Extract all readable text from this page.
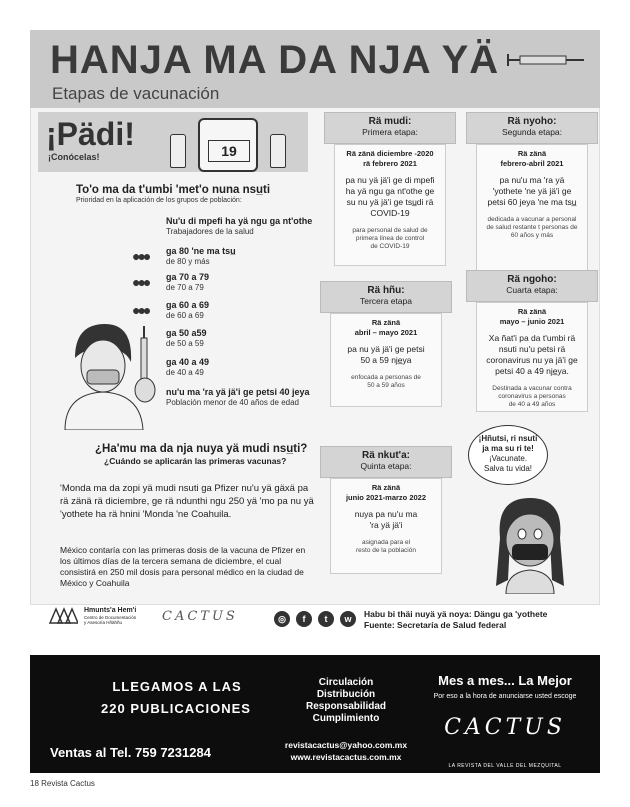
HANJA MA DA NJA YÄ
Etapas de vacunación
¡Pädi!
¡Conócelas!	19
To'o ma da t'umbi 'met'o nuna nsu̲ti
Prioridad en la aplicación de los grupos de población:
Nu'u di mpefi ha yä ngu ga nt'othe
Trabajadores de la salud
●●● ga 80 'ne ma tsu̲
de 80 y más
●●● ga 70 a 79
de 70 a 79
●●● ga 60 a 69
de 60 a 69
ga 50 a59
de 50 a 59
ga 40 a 49
de 40 a 49
nu'u ma 'ra yä jä'i ge petsi 40 jeya
Población menor de 40 años de edad
Rä mudi:
Primera etapa:
Rä zänä diciembre -2020
rä febrero 2021
pa nu yä jä'i ge di mpefi
ha yä ngu ga nt'othe ge
su nu yä jä'i ge tsu̲di rä
COVID-19
para personal de salud de
primera línea de control
de COVID-19
Rä nyoho:
Segunda etapa:
Rä zänä
febrero-abril 2021
pa nu'u ma 'ra yä
'yothete 'ne yä jä'i ge
petsi 60 jeya 'ne ma tsu̲
dedicada a vacunar a personal
de salud restante t personas de
60 años y más
Rä hñu:
Tercera etapa
Rä zänä
abril – mayo 2021
pa nu yä jä'i ge petsi
50 a 59 nje̲ya
enfocada a personas de
50 a 59 años
Rä ngoho:
Cuarta etapa:
Rä zänä
mayo – junio 2021
Xa ñat'i pa da t'umbi rä
nsuti nu'u petsi rä
coronavirus nu ya jä'i ge
petsi 40 a 49 nje̲ya.
Destinada a vacunar contra
coronavirus a personas
de 40 a 49 años
Rä nkut'a:
Quinta etapa:
Rä zänä
junio 2021-marzo 2022
nuya pa nu'u ma
'ra yä jä'i
asignada para el
resto de la población
¿Ha'mu ma da nja nuya yä mudi nsu̲ti?
¿Cuándo se aplicarán las primeras vacunas?
'Monda ma da zopi yä mudi nsuti ga Pfizer nu'u yä gäxä pa rä zänä rä diciembre, ge rä ndunthi ngu 250 yä 'mo pa nu yä 'yothete ha rä hnini 'Monda 'ne Coahuila.
México contaría con las primeras dosis de la vacuna de Pfizer en los últimos días de la tercera semana de diciembre, el cual consistirá en 250 mil dosis para personal médico en la ciudad de México y Coahuila
¡Hñutsi, ri nsuti
ja ma su ri te!
¡Vacunate.
Salva tu vida!
Hmunts'a Hem'i
Centro de Documentación
y Asesoría Hñähñu	CACTUS	◎	f	t	w	Habu bi thäi nuyä yä noya: Dängu ga 'yothete
Fuente: Secretaría de Salud federal
LLEGAMOS A LAS
220 PUBLICACIONES
Ventas al Tel. 759 7231284
Circulación
Distribución
Responsabilidad
Cumplimiento
revistacactus@yahoo.com.mx
www.revistacactus.com.mx
Mes a mes... La Mejor
Por eso a la hora de anunciarse usted escoge
CACTUS
LA REVISTA DEL VALLE DEL MEZQUITAL
18 Revista Cactus
